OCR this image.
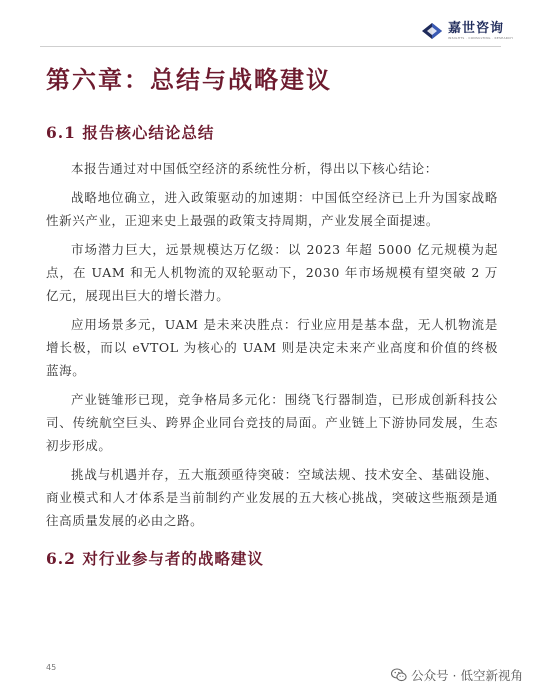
嘉世咨询
INSIGHTS · CONSULTING · RESEARCH
第六章：总结与战略建议
6.1 报告核心结论总结

本报告通过对中国低空经济的系统性分析，得出以下核心结论：

战略地位确立，进入政策驱动的加速期：中国低空经济已上升为国家战略性新兴产业，正迎来史上最强的政策支持周期，产业发展全面提速。

市场潜力巨大，远景规模达万亿级：以 2023 年超 5000 亿元规模为起点，在 UAM 和无人机物流的双轮驱动下，2030 年市场规模有望突破 2 万亿元，展现出巨大的增长潜力。

应用场景多元，UAM 是未来决胜点：行业应用是基本盘，无人机物流是增长极，而以 eVTOL 为核心的 UAM 则是决定未来产业高度和价值的终极蓝海。

产业链雏形已现，竞争格局多元化：围绕飞行器制造，已形成创新科技公司、传统航空巨头、跨界企业同台竞技的局面。产业链上下游协同发展，生态初步形成。

挑战与机遇并存，五大瓶颈亟待突破：空域法规、技术安全、基础设施、商业模式和人才体系是当前制约产业发展的五大核心挑战，突破这些瓶颈是通往高质量发展的必由之路。

6.2 对行业参与者的战略建议
45
公众号 · 低空新视角
